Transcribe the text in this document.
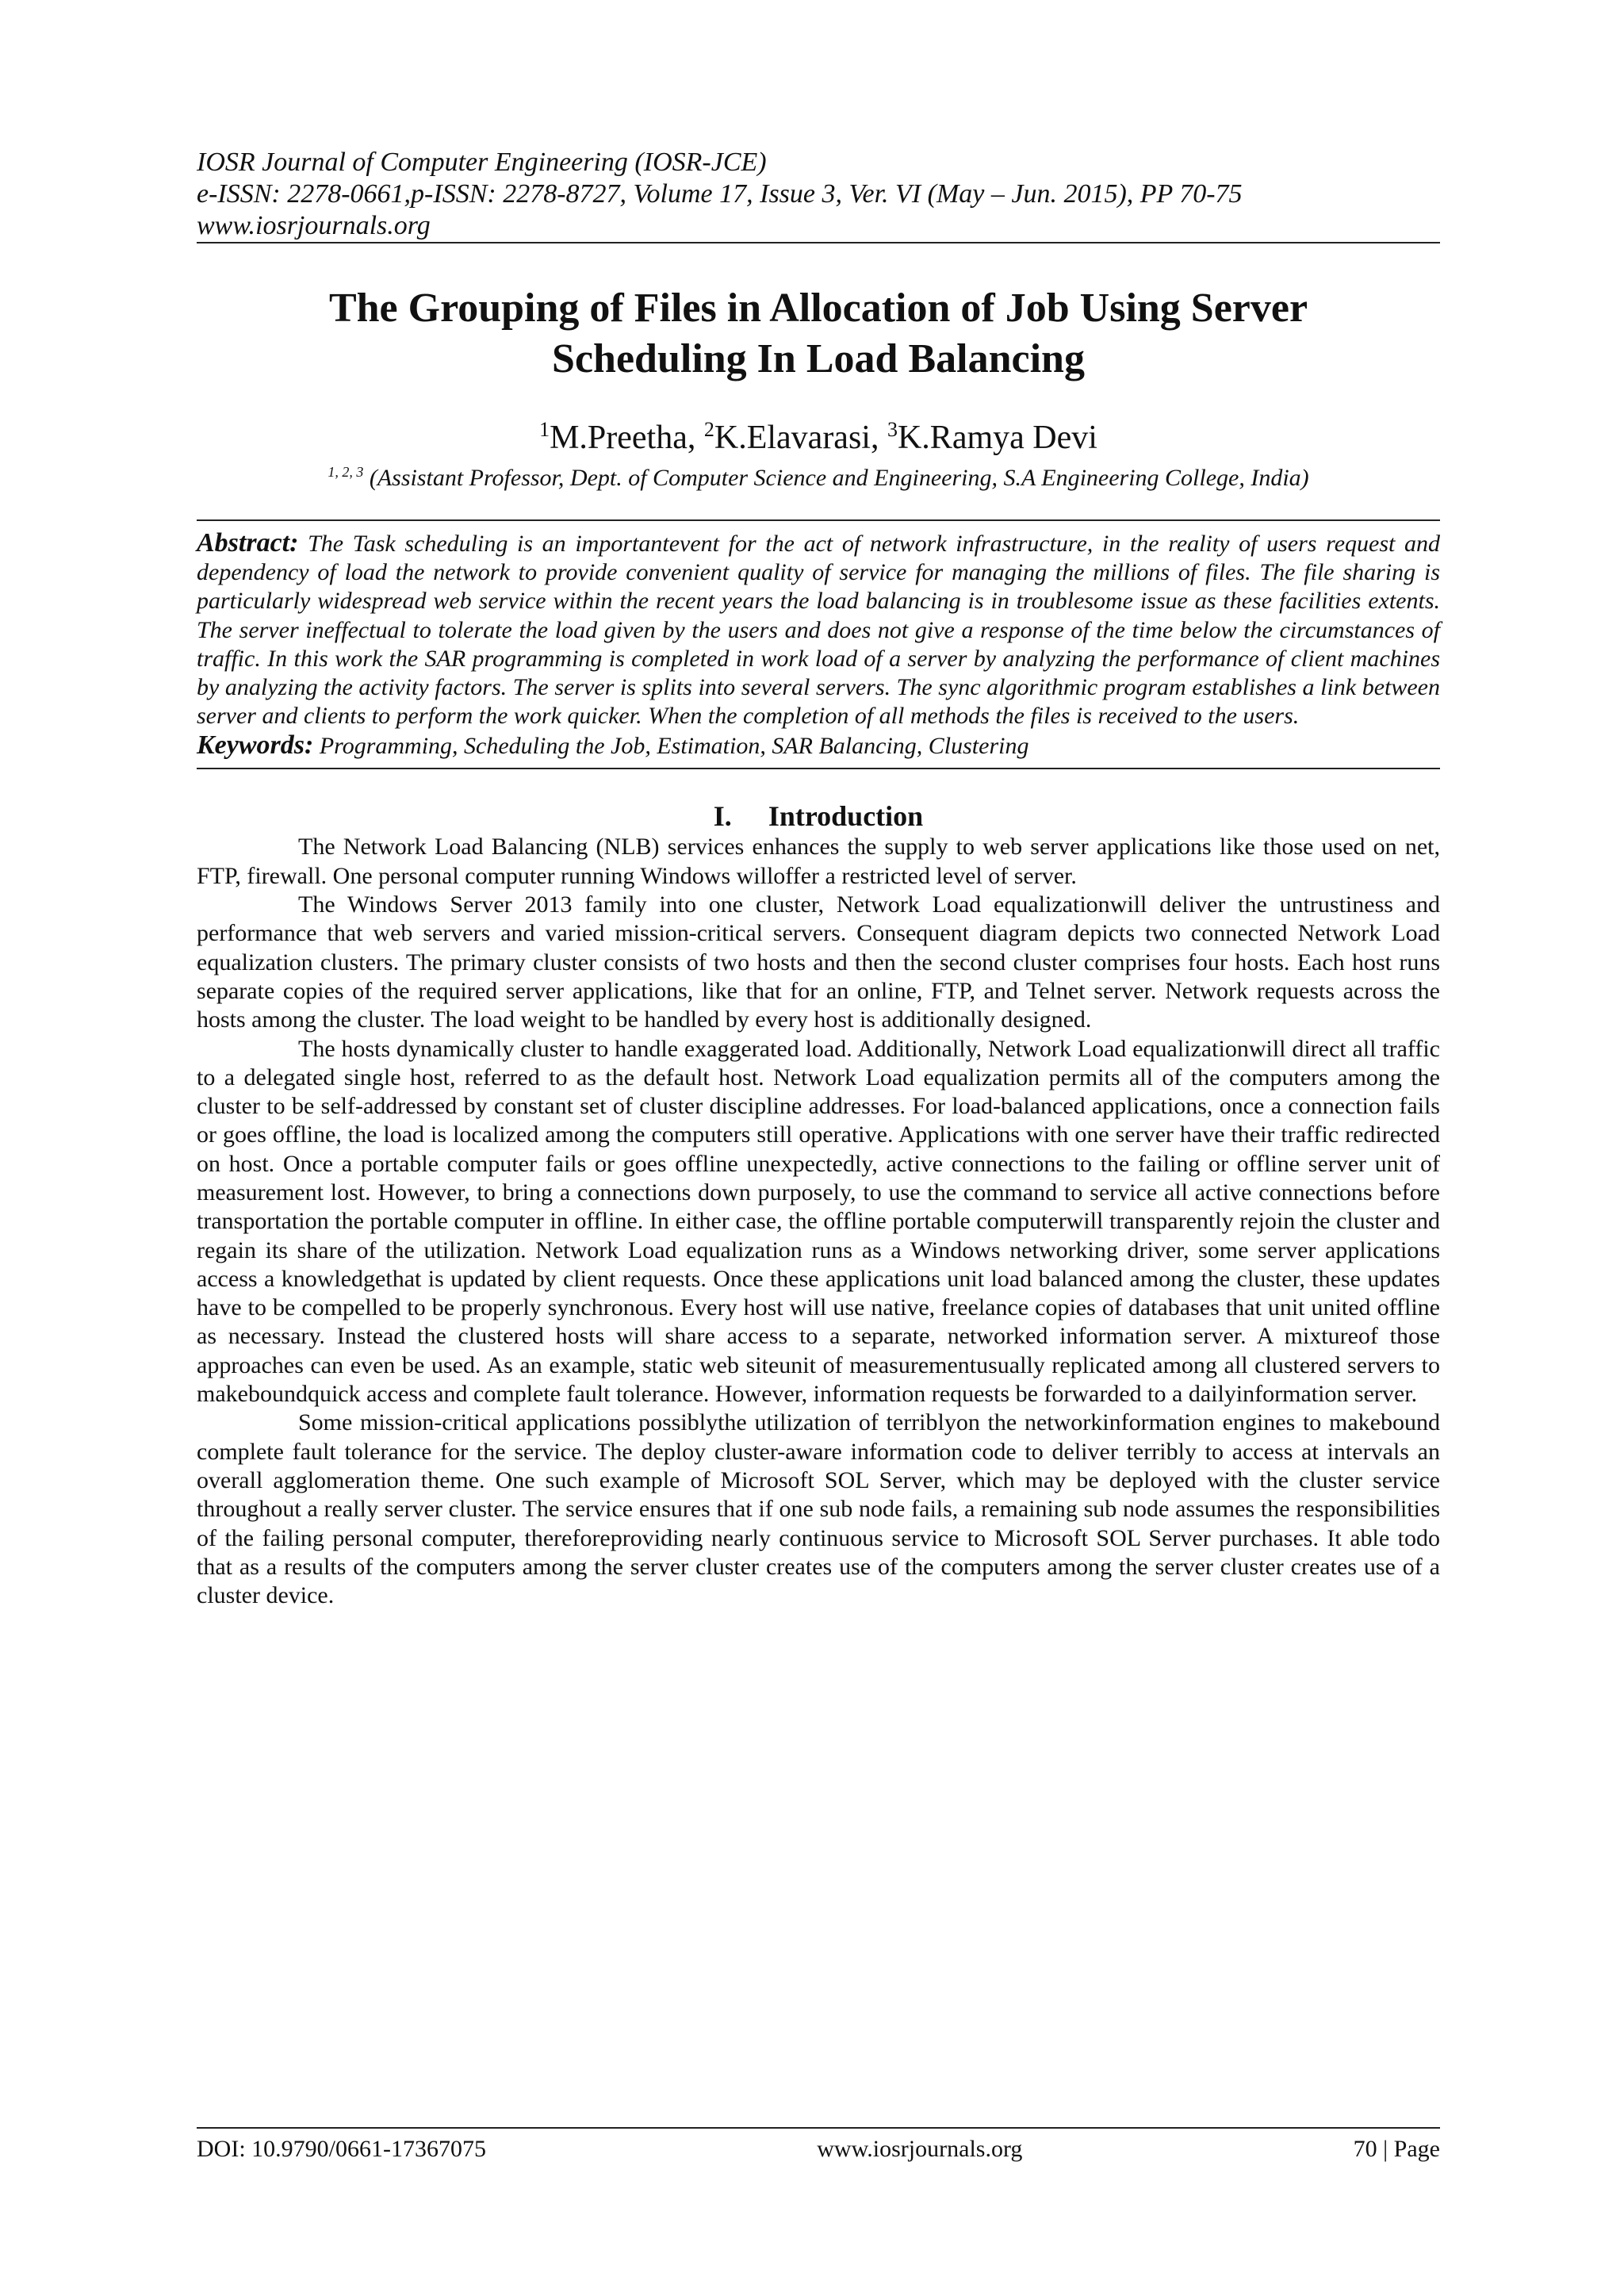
IOSR Journal of Computer Engineering (IOSR-JCE)
e-ISSN: 2278-0661,p-ISSN: 2278-8727, Volume 17, Issue 3, Ver. VI (May – Jun. 2015), PP 70-75
www.iosrjournals.org
The Grouping of Files in Allocation of Job Using Server
Scheduling In Load Balancing
$^1$M.Preetha, $^2$K.Elavarasi, $^3$K.Ramya Devi
$^{1, 2, 3}$ (Assistant Professor, Dept. of Computer Science and Engineering, S.A Engineering College, India)

Abstract: The Task scheduling is an importantevent for the act of network infrastructure, in the reality of users request and dependency of load the network to provide convenient quality of service for managing the millions of files. The file sharing is particularly widespread web service within the recent years the load balancing is in troublesome issue as these facilities extents. The server ineffectual to tolerate the load given by the users and does not give a response of the time below the circumstances of traffic. In this work the SAR programming is completed in work load of a server by analyzing the performance of client machines by analyzing the activity factors. The server is splits into several servers. The sync algorithmic program establishes a link between server and clients to perform the work quicker. When the completion of all methods the files is received to the users.

Keywords: Programming, Scheduling the Job, Estimation, SAR Balancing, Clustering

I. Introduction

The Network Load Balancing (NLB) services enhances the supply to web server applications like those used on net, FTP, firewall. One personal computer running Windows willoffer a restricted level of server.

The Windows Server 2013 family into one cluster, Network Load equalizationwill deliver the untrustiness and performance that web servers and varied mission-critical servers. Consequent diagram depicts two connected Network Load equalization clusters. The primary cluster consists of two hosts and then the second cluster comprises four hosts. Each host runs separate copies of the required server applications, like that for an online, FTP, and Telnet server. Network requests across the hosts among the cluster. The load weight to be handled by every host is additionally designed.

The hosts dynamically cluster to handle exaggerated load. Additionally, Network Load equalizationwill direct all traffic to a delegated single host, referred to as the default host. Network Load equalization permits all of the computers among the cluster to be self-addressed by constant set of cluster discipline addresses. For load-balanced applications, once a connection fails or goes offline, the load is localized among the computers still operative. Applications with one server have their traffic redirected on host. Once a portable computer fails or goes offline unexpectedly, active connections to the failing or offline server unit of measurement lost. However, to bring a connections down purposely, to use the command to service all active connections before transportation the portable computer in offline. In either case, the offline portable computerwill transparently rejoin the cluster and regain its share of the utilization. Network Load equalization runs as a Windows networking driver, some server applications access a knowledgethat is updated by client requests. Once these applications unit load balanced among the cluster, these updates have to be compelled to be properly synchronous. Every host will use native, freelance copies of databases that unit united offline as necessary. Instead the clustered hosts will share access to a separate, networked information server. A mixtureof those approaches can even be used. As an example, static web siteunit of measurementusually replicated among all clustered servers to makeboundquick access and complete fault tolerance. However, information requests be forwarded to a dailyinformation server.

Some mission-critical applications possiblythe utilization of terriblyon the networkinformation engines to makebound complete fault tolerance for the service. The deploy cluster-aware information code to deliver terribly to access at intervals an overall agglomeration theme. One such example of Microsoft SOL Server, which may be deployed with the cluster service throughout a really server cluster. The service ensures that if one sub node fails, a remaining sub node assumes the responsibilities of the failing personal computer, thereforeproviding nearly continuous service to Microsoft SOL Server purchases. It able todo that as a results of the computers among the server cluster creates use of the computers among the server cluster creates use of a cluster device.

DOI: 10.9790/0661-17367075	www.iosrjournals.org	70 | Page
